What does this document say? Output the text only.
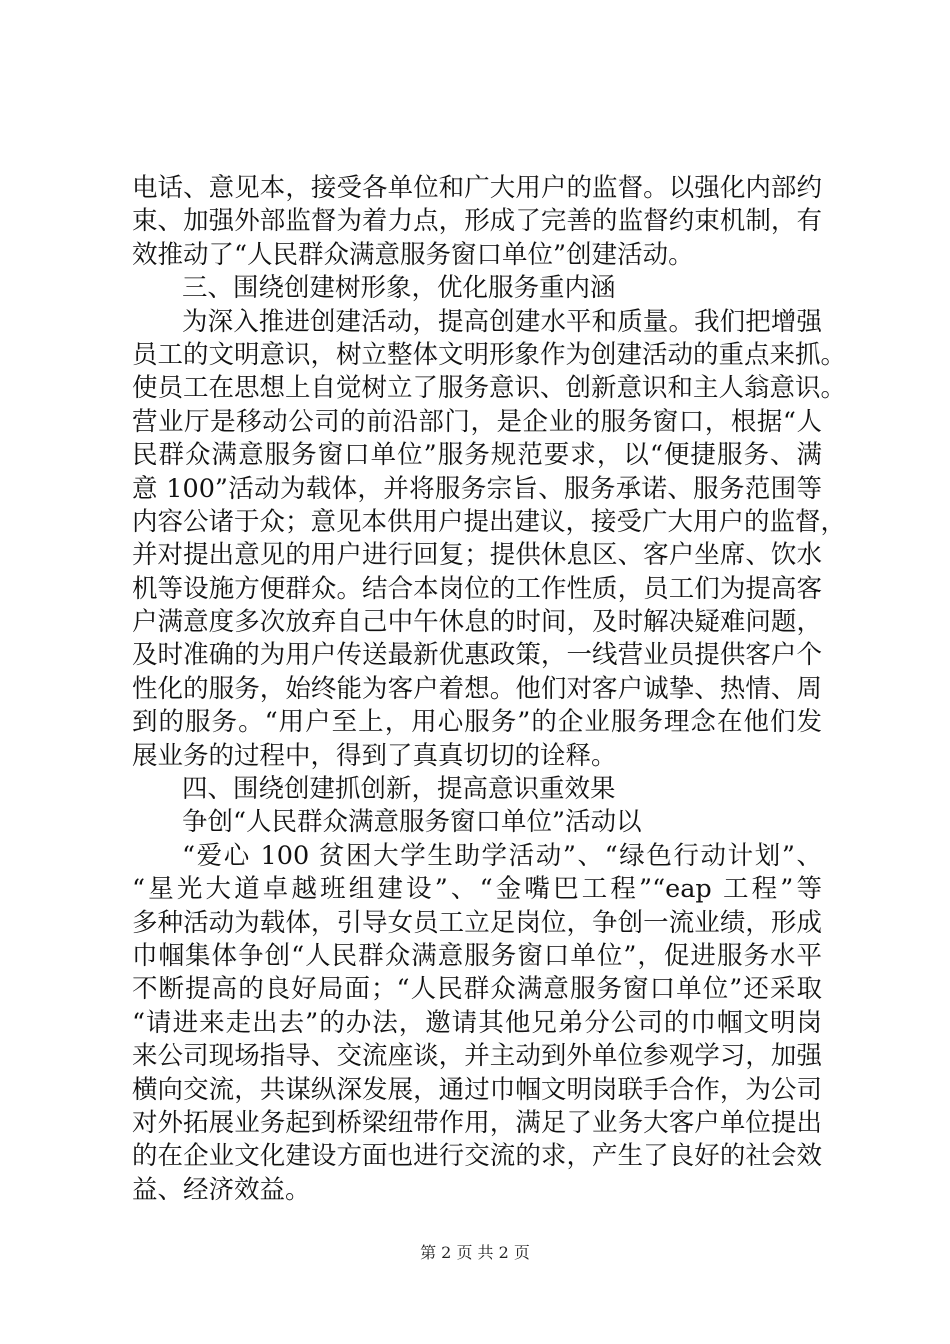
电话、意见本，接受各单位和广大用户的监督。以强化内部约
束、加强外部监督为着力点，形成了完善的监督约束机制，有
效推动了“人民群众满意服务窗口单位”创建活动。
三、围绕创建树形象，优化服务重内涵
为深入推进创建活动，提高创建水平和质量。我们把增强
员工的文明意识，树立整体文明形象作为创建活动的重点来抓。
使员工在思想上自觉树立了服务意识、创新意识和主人翁意识。
营业厅是移动公司的前沿部门，是企业的服务窗口，根据“人
民群众满意服务窗口单位”服务规范要求，以“便捷服务、满
意 100”活动为载体，并将服务宗旨、服务承诺、服务范围等
内容公诸于众；意见本供用户提出建议，接受广大用户的监督，
并对提出意见的用户进行回复；提供休息区、客户坐席、饮水
机等设施方便群众。结合本岗位的工作性质，员工们为提高客
户满意度多次放弃自己中午休息的时间，及时解决疑难问题，
及时准确的为用户传送最新优惠政策，一线营业员提供客户个
性化的服务，始终能为客户着想。他们对客户诚挚、热情、周
到的服务。“用户至上，用心服务”的企业服务理念在他们发
展业务的过程中，得到了真真切切的诠释。
四、围绕创建抓创新，提高意识重效果
争创“人民群众满意服务窗口单位”活动以
“爱心 100 贫困大学生助学活动”、“绿色行动计划”、
“星光大道卓越班组建设”、“金嘴巴工程”“eap 工程”等
多种活动为载体，引导女员工立足岗位，争创一流业绩，形成
巾帼集体争创“人民群众满意服务窗口单位”，促进服务水平
不断提高的良好局面；“人民群众满意服务窗口单位”还采取
“请进来走出去”的办法，邀请其他兄弟分公司的巾帼文明岗
来公司现场指导、交流座谈，并主动到外单位参观学习，加强
横向交流，共谋纵深发展，通过巾帼文明岗联手合作，为公司
对外拓展业务起到桥梁纽带作用，满足了业务大客户单位提出
的在企业文化建设方面也进行交流的求，产生了良好的社会效
益、经济效益。
第 2 页 共 2 页
